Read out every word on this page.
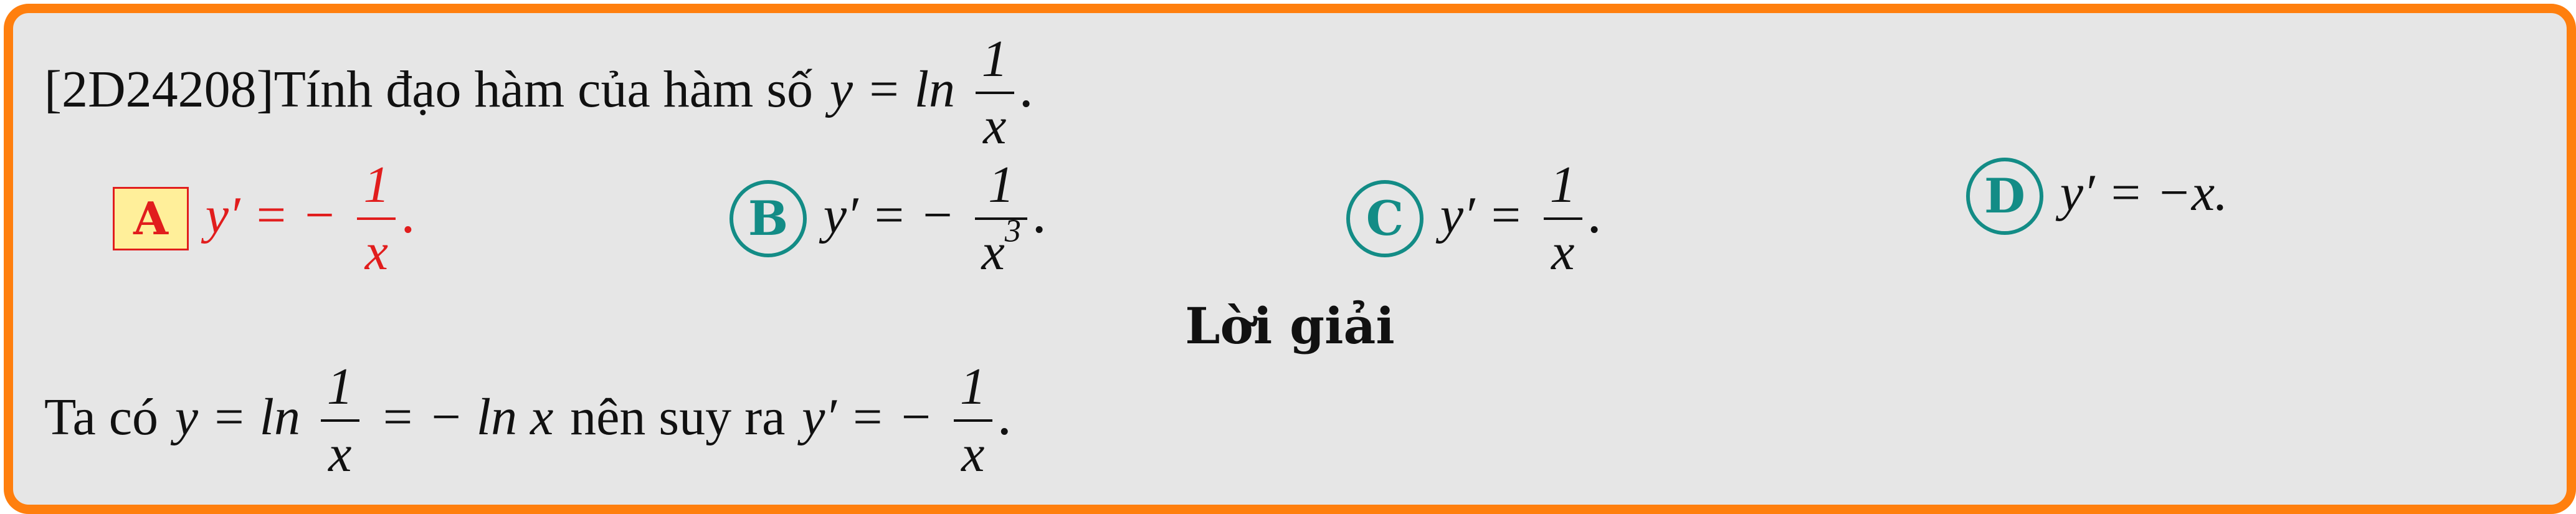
[2D24208]Tính đạo hàm của hàm số $y = \ln \frac{1}{x}$ .
A y′ = − $\frac{1}{x}$ .	B y′ = − $\frac{1}{x^3}$ .	C $y' = \frac{1}{x}$ .	D y′ = −x.
Lời giải
Ta có $y = \ln \frac{1}{x}$ = − ln x nên suy ra y′ = − $\frac{1}{x}$ .
